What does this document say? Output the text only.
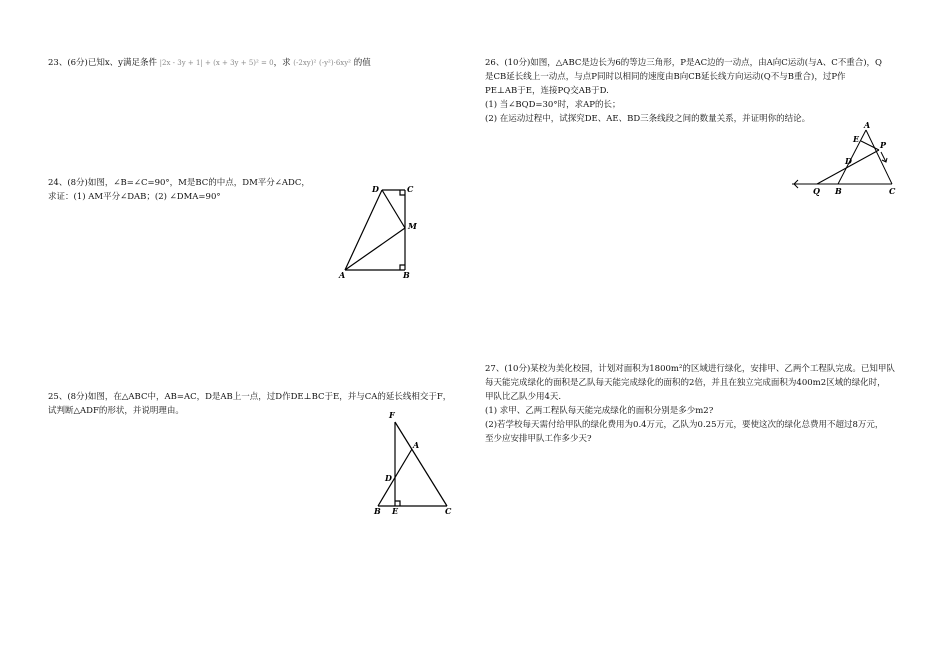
23、(6分)已知x、y满足条件 |2x - 3y + 1| + (x + 3y + 5)² = 0，求 (-2xy)² (-y²)·6xy² 的值

24、(8分)如图，∠B=∠C=90°，M是BC的中点，DM平分∠ADC，

求证：(1) AM平分∠DAB；(2) ∠DMA=90°

D	C
M
A	B

25、(8分)如图，在△ABC中，AB=AC，D是AB上一点，过D作DE⊥BC于E，并与CA的延长线相交于F，

试判断△ADF的形状，并说明理由。	F
A
D
B E	C

26、(10分)如图，△ABC是边长为6的等边三角形，P是AC边的一动点，由A向C运动(与A、C不重合)，Q

是CB延长线上一动点，与点P同时以相同的速度由B向CB延长线方向运动(Q不与B重合)，过P作

PE⊥AB于E，连接PQ交AB于D.

(1) 当∠BQD=30°时，求AP的长；

(2) 在运动过程中，试探究DE、AE、BD三条线段之间的数量关系，并证明你的结论。

A
E
P
D
Q B	C

27、(10分)某校为美化校园，计划对面积为1800m²的区域进行绿化，安排甲、乙两个工程队完成。已知甲队

每天能完成绿化的面积是乙队每天能完成绿化的面积的2倍，并且在独立完成面积为400m2区域的绿化时，

甲队比乙队少用4天.

(1) 求甲、乙两工程队每天能完成绿化的面积分别是多少m2?

(2)若学校每天需付给甲队的绿化费用为0.4万元，乙队为0.25万元，要使这次的绿化总费用不超过8万元，

至少应安排甲队工作多少天?
